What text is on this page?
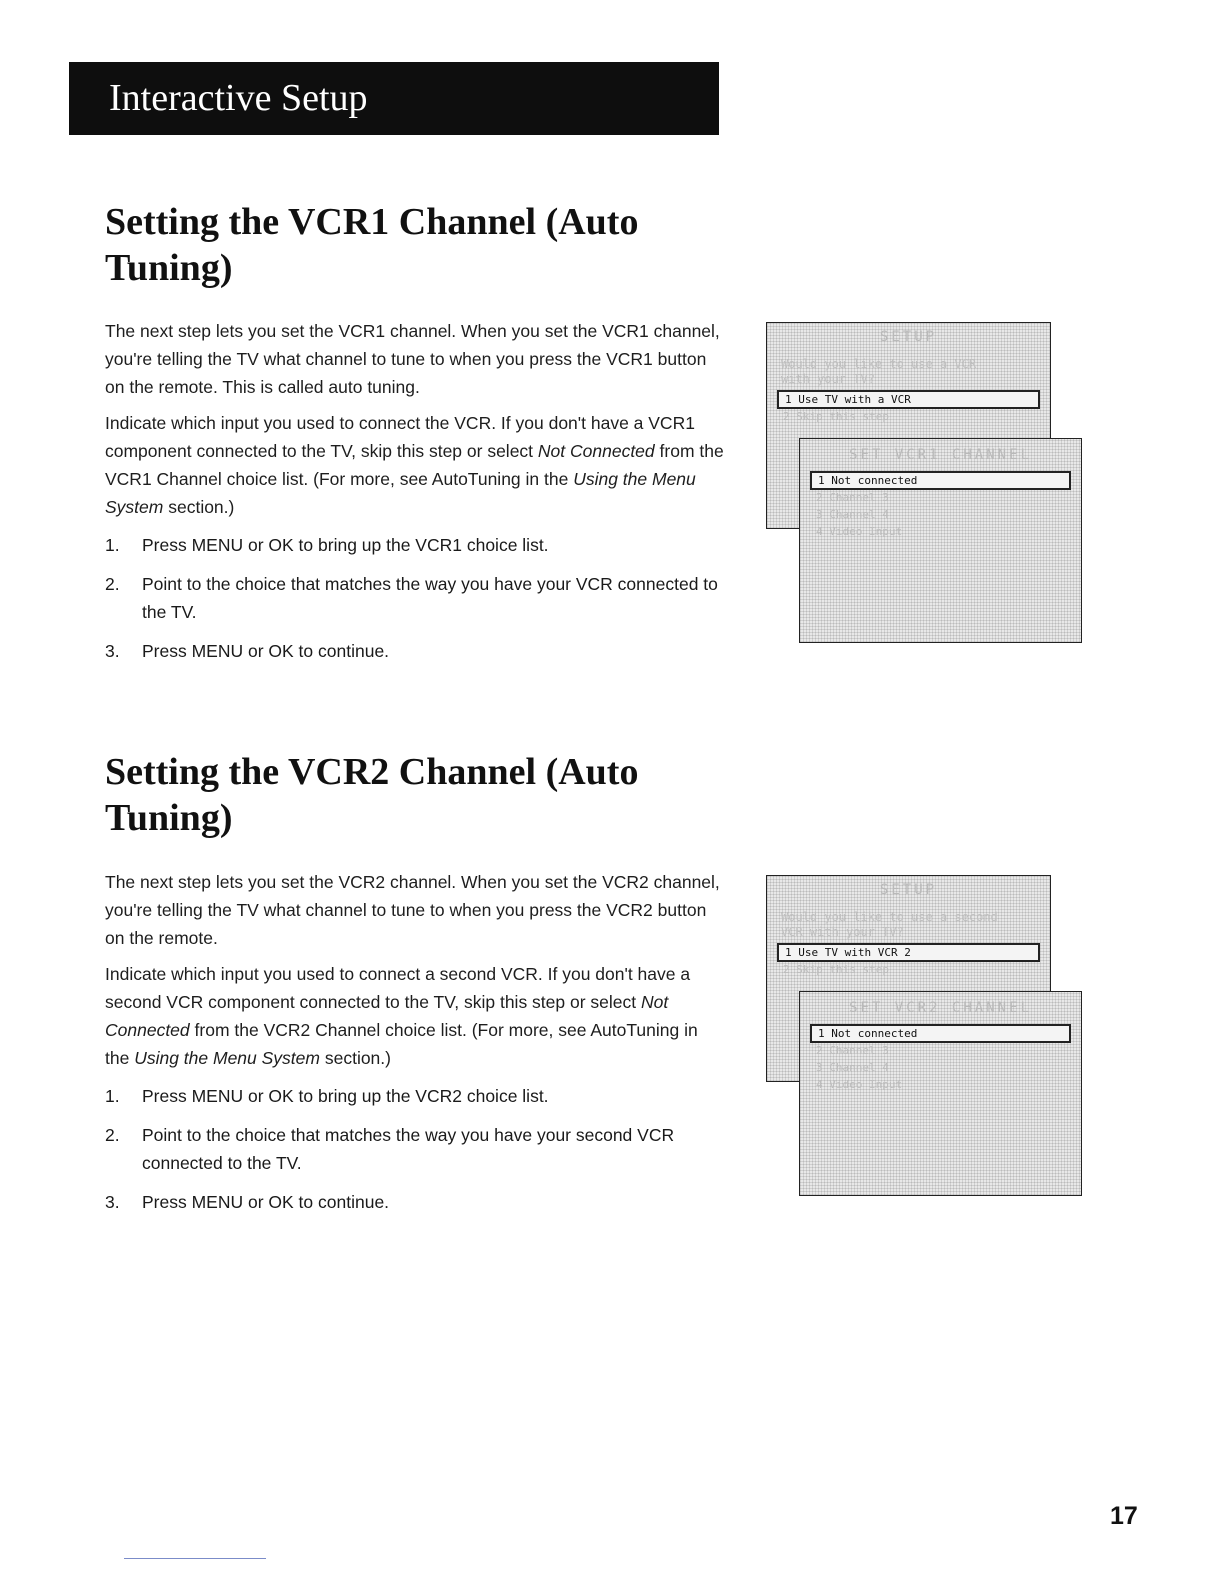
Interactive Setup
Setting the VCR1 Channel (Auto
Tuning)

The next step lets you set the VCR1 channel. When you set the VCR1 channel, you're telling the TV what channel to tune to when you press the VCR1 button on the remote. This is called auto tuning.

Indicate which input you used to connect the VCR. If you don't have a VCR1 component connected to the TV, skip this step or select Not Connected from the VCR1 Channel choice list. (For more, see AutoTuning in the Using the Menu System section.)

1. Press MENU or OK to bring up the VCR1 choice list.
2. Point to the choice that matches the way you have your VCR connected to the TV.
3. Press MENU or OK to continue.
SETUP
Would you like to use a VCR
with your TV?
1 Use TV with a VCR
2 Skip this step
SET VCR1 CHANNEL
1 Not connected
2 Channel 3
3 Channel 4
4 Video Input
Setting the VCR2 Channel (Auto
Tuning)

The next step lets you set the VCR2 channel. When you set the VCR2 channel, you're telling the TV what channel to tune to when you press the VCR2 button on the remote.

Indicate which input you used to connect a second VCR. If you don't have a second VCR component connected to the TV, skip this step or select Not Connected from the VCR2 Channel choice list. (For more, see AutoTuning in the Using the Menu System section.)

1. Press MENU or OK to bring up the VCR2 choice list.
2. Point to the choice that matches the way you have your second VCR connected to the TV.
3. Press MENU or OK to continue.
SETUP
Would you like to use a second
VCR with your TV?
1 Use TV with VCR 2
2 Skip this step
SET VCR2 CHANNEL
1 Not connected
2 Channel 3
3 Channel 4
4 Video Input
17
